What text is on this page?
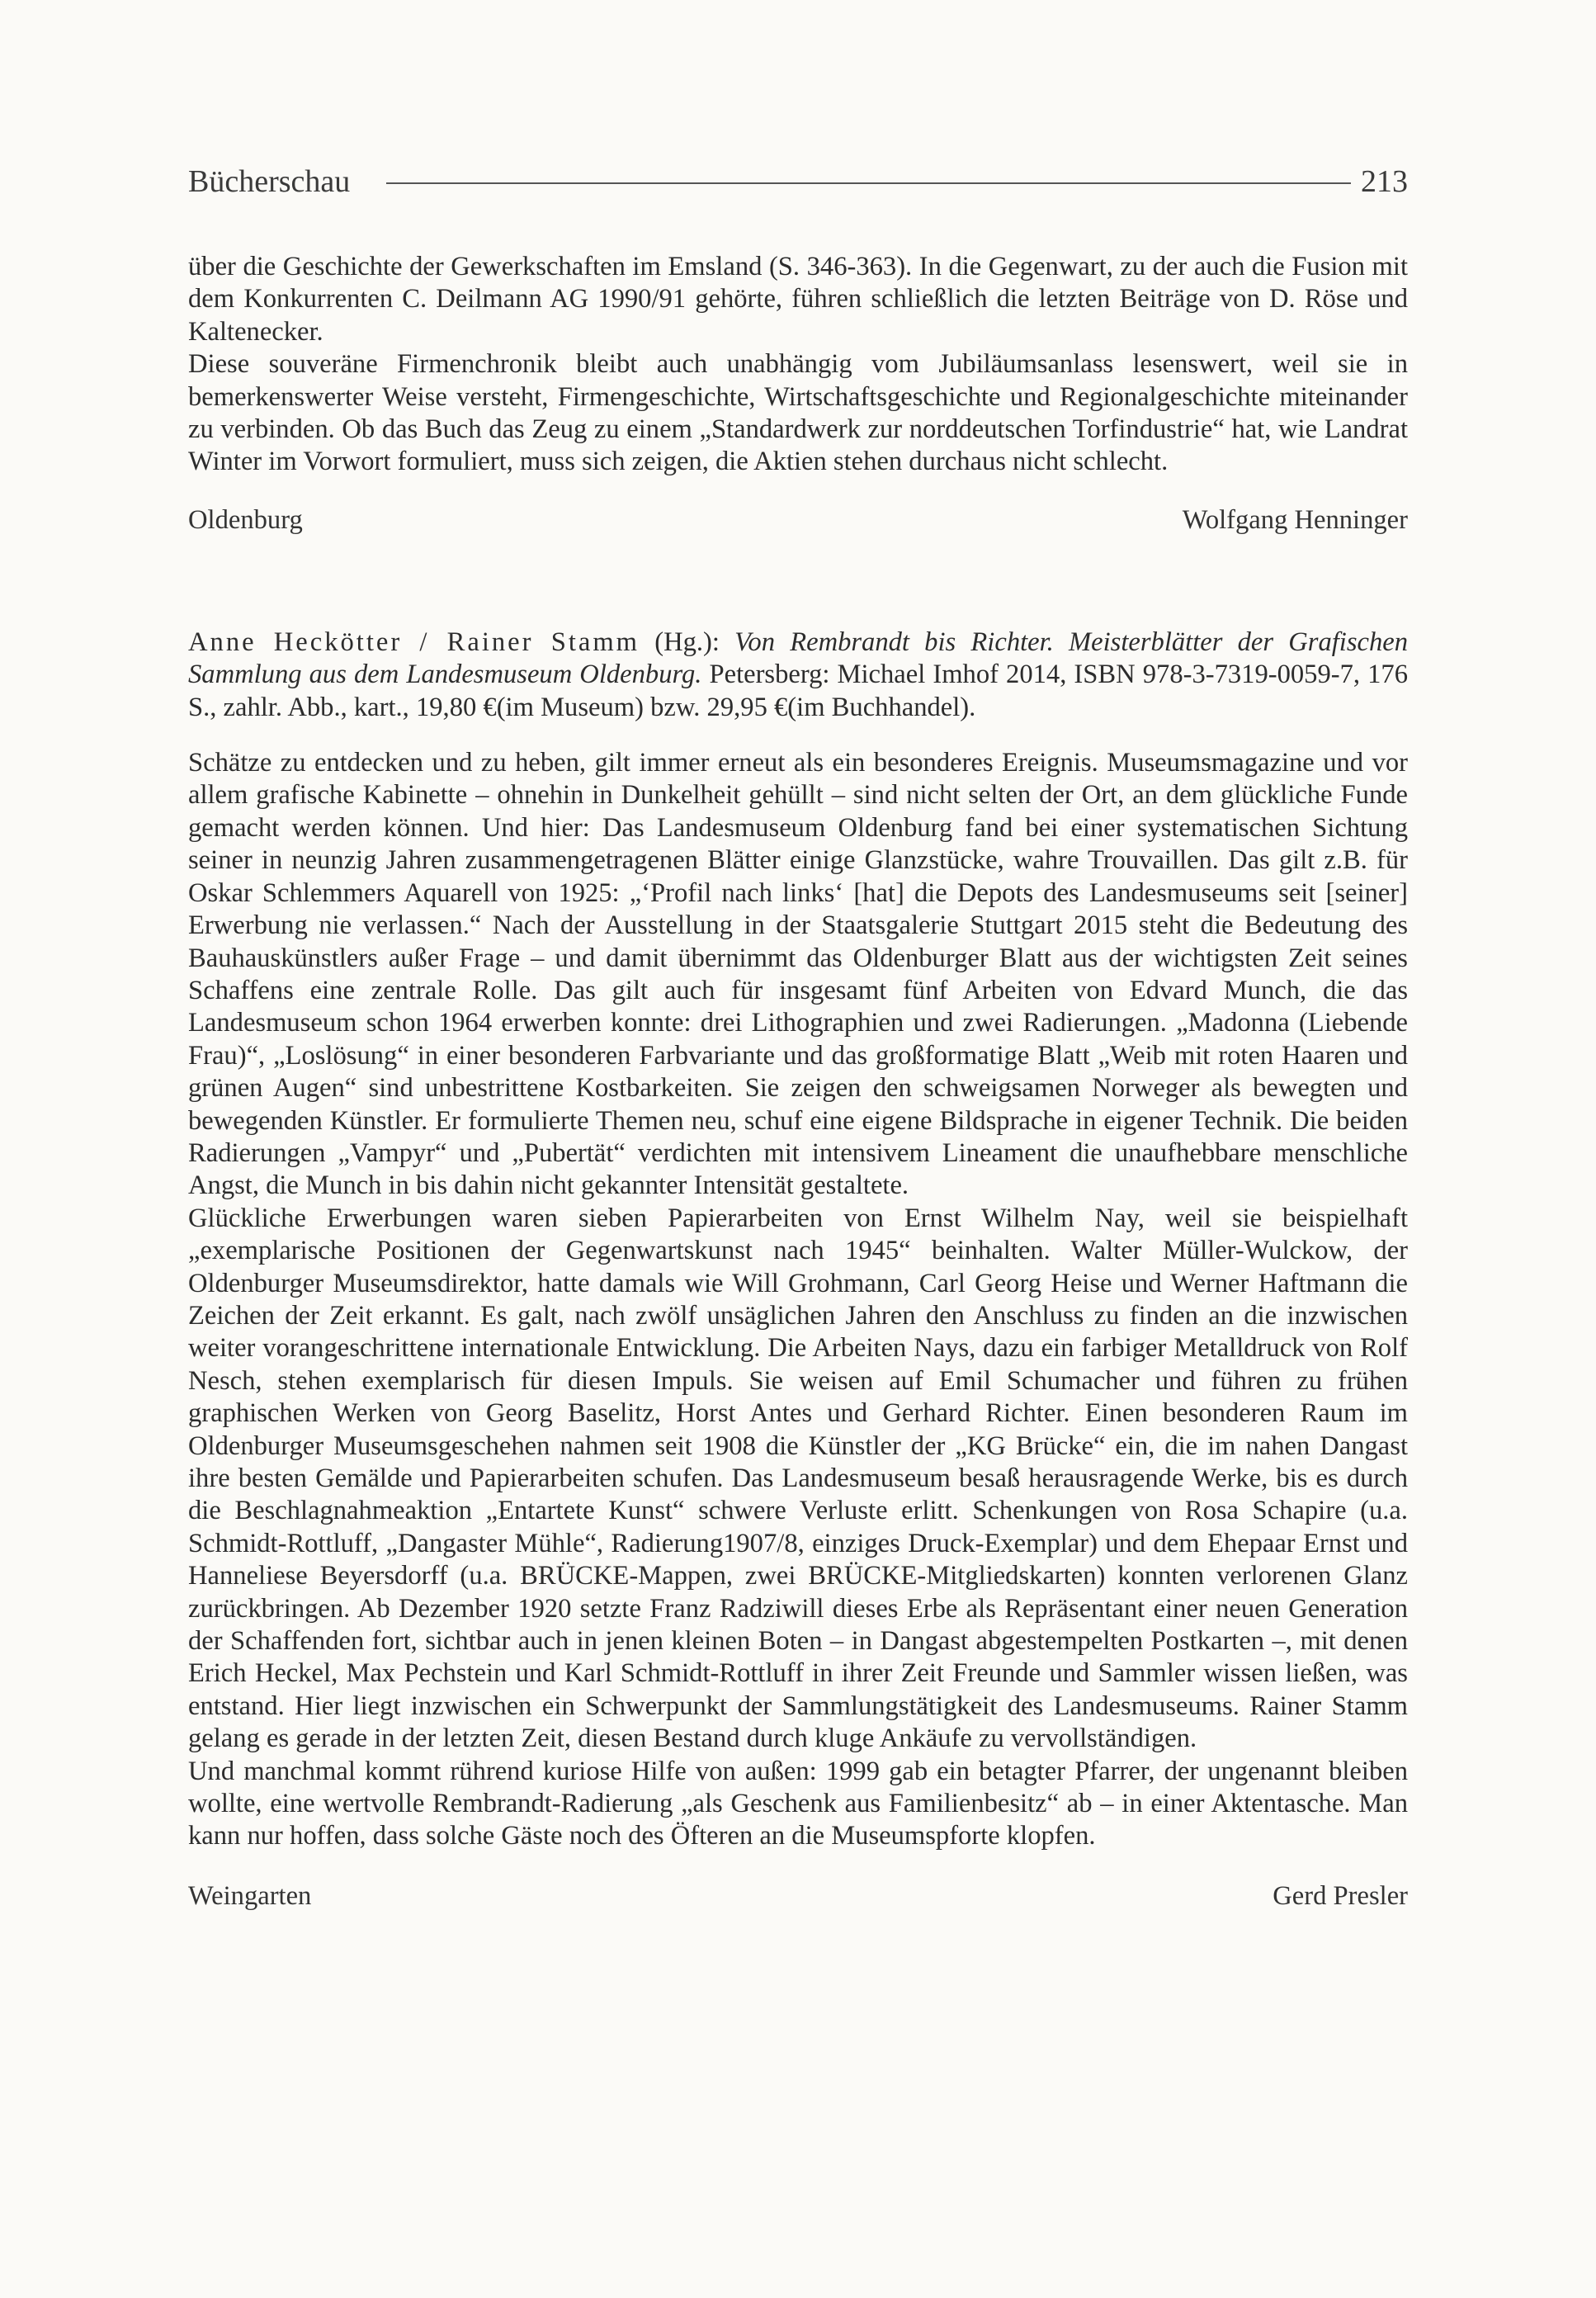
Bücherschau	213

über die Geschichte der Gewerkschaften im Emsland (S. 346-363). In die Gegenwart, zu der auch die Fusion mit dem Konkurrenten C. Deilmann AG 1990/91 gehörte, führen schließlich die letzten Beiträge von D. Röse und Kaltenecker.

Diese souveräne Firmenchronik bleibt auch unabhängig vom Jubiläumsanlass lesenswert, weil sie in bemerkenswerter Weise versteht, Firmengeschichte, Wirtschaftsgeschichte und Regionalgeschichte miteinander zu verbinden. Ob das Buch das Zeug zu einem „Standardwerk zur norddeutschen Torfindustrie“ hat, wie Landrat Winter im Vorwort formuliert, muss sich zeigen, die Aktien stehen durchaus nicht schlecht.

Oldenburg	Wolfgang Henninger
Anne Heckötter / Rainer Stamm (Hg.): Von Rembrandt bis Richter. Meisterblätter der Grafischen Sammlung aus dem Landesmuseum Oldenburg. Petersberg: Michael Imhof 2014, ISBN 978-3-7319-0059-7, 176 S., zahlr. Abb., kart., 19,80 €(im Museum) bzw. 29,95 €(im Buchhandel).

Schätze zu entdecken und zu heben, gilt immer erneut als ein besonderes Ereignis. Museumsmagazine und vor allem grafische Kabinette – ohnehin in Dunkelheit gehüllt – sind nicht selten der Ort, an dem glückliche Funde gemacht werden können. Und hier: Das Landesmuseum Oldenburg fand bei einer systematischen Sichtung seiner in neunzig Jahren zusammengetragenen Blätter einige Glanzstücke, wahre Trouvaillen. Das gilt z.B. für Oskar Schlemmers Aquarell von 1925: „‘Profil nach links‘ [hat] die Depots des Landesmuseums seit [seiner] Erwerbung nie verlassen.“ Nach der Ausstellung in der Staatsgalerie Stuttgart 2015 steht die Bedeutung des Bauhauskünstlers außer Frage – und damit übernimmt das Oldenburger Blatt aus der wichtigsten Zeit seines Schaffens eine zentrale Rolle. Das gilt auch für insgesamt fünf Arbeiten von Edvard Munch, die das Landesmuseum schon 1964 erwerben konnte: drei Lithographien und zwei Radierungen. „Madonna (Liebende Frau)“, „Loslösung“ in einer besonderen Farbvariante und das großformatige Blatt „Weib mit roten Haaren und grünen Augen“ sind unbestrittene Kostbarkeiten. Sie zeigen den schweigsamen Norweger als bewegten und bewegenden Künstler. Er formulierte Themen neu, schuf eine eigene Bildsprache in eigener Technik. Die beiden Radierungen „Vampyr“ und „Pubertät“ verdichten mit intensivem Lineament die unaufhebbare menschliche Angst, die Munch in bis dahin nicht gekannter Intensität gestaltete.

Glückliche Erwerbungen waren sieben Papierarbeiten von Ernst Wilhelm Nay, weil sie beispielhaft „exemplarische Positionen der Gegenwartskunst nach 1945“ beinhalten. Walter Müller-Wulckow, der Oldenburger Museumsdirektor, hatte damals wie Will Grohmann, Carl Georg Heise und Werner Haftmann die Zeichen der Zeit erkannt. Es galt, nach zwölf unsäglichen Jahren den Anschluss zu finden an die inzwischen weiter vorangeschrittene internationale Entwicklung. Die Arbeiten Nays, dazu ein farbiger Metalldruck von Rolf Nesch, stehen exemplarisch für diesen Impuls. Sie weisen auf Emil Schumacher und führen zu frühen graphischen Werken von Georg Baselitz, Horst Antes und Gerhard Richter. Einen besonderen Raum im Oldenburger Museumsgeschehen nahmen seit 1908 die Künstler der „KG Brücke“ ein, die im nahen Dangast ihre besten Gemälde und Papierarbeiten schufen. Das Landesmuseum besaß herausragende Werke, bis es durch die Beschlagnahmeaktion „Entartete Kunst“ schwere Verluste erlitt. Schenkungen von Rosa Schapire (u.a. Schmidt-Rottluff, „Dangaster Mühle“, Radierung1907/8, einziges Druck-Exemplar) und dem Ehepaar Ernst und Hanneliese Beyersdorff (u.a. BRÜCKE-Mappen, zwei BRÜCKE-Mitgliedskarten) konnten verlorenen Glanz zurückbringen. Ab Dezember 1920 setzte Franz Radziwill dieses Erbe als Repräsentant einer neuen Generation der Schaffenden fort, sichtbar auch in jenen kleinen Boten – in Dangast abgestempelten Postkarten –, mit denen Erich Heckel, Max Pechstein und Karl Schmidt-Rottluff in ihrer Zeit Freunde und Sammler wissen ließen, was entstand. Hier liegt inzwischen ein Schwerpunkt der Sammlungstätigkeit des Landesmuseums. Rainer Stamm gelang es gerade in der letzten Zeit, diesen Bestand durch kluge Ankäufe zu vervollständigen.

Und manchmal kommt rührend kuriose Hilfe von außen: 1999 gab ein betagter Pfarrer, der ungenannt bleiben wollte, eine wertvolle Rembrandt-Radierung „als Geschenk aus Familienbesitz“ ab – in einer Aktentasche. Man kann nur hoffen, dass solche Gäste noch des Öfteren an die Museumspforte klopfen.

Weingarten	Gerd Presler
